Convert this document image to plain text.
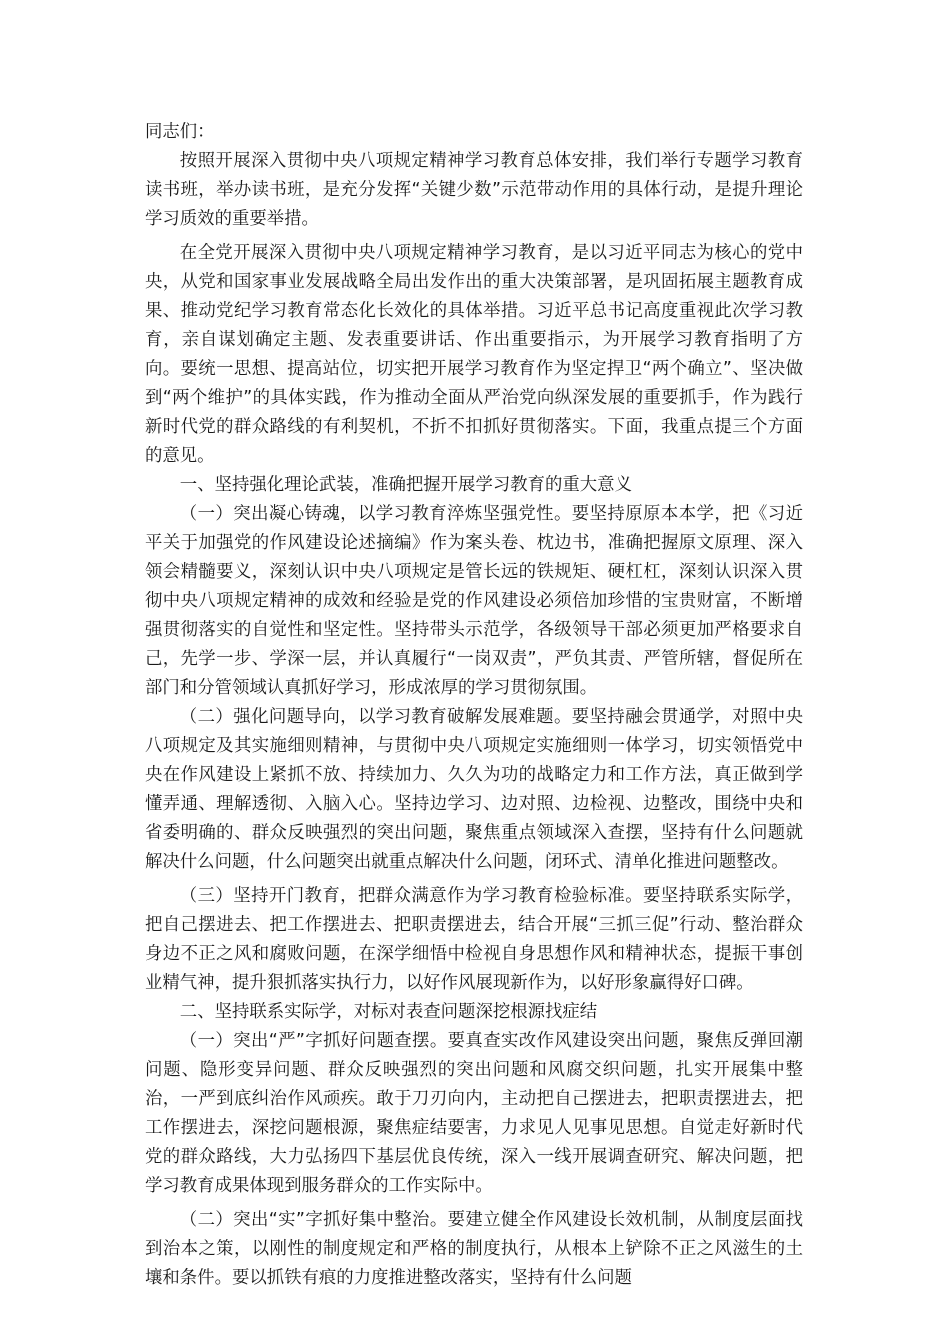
同志们：

按照开展深入贯彻中央八项规定精神学习教育总体安排，我们举行专题学习教育读书班，举办读书班，是充分发挥“关键少数”示范带动作用的具体行动，是提升理论学习质效的重要举措。

在全党开展深入贯彻中央八项规定精神学习教育，是以习近平同志为核心的党中央，从党和国家事业发展战略全局出发作出的重大决策部署，是巩固拓展主题教育成果、推动党纪学习教育常态化长效化的具体举措。习近平总书记高度重视此次学习教育，亲自谋划确定主题、发表重要讲话、作出重要指示，为开展学习教育指明了方向。要统一思想、提高站位，切实把开展学习教育作为坚定捍卫“两个确立”、坚决做到“两个维护”的具体实践，作为推动全面从严治党向纵深发展的重要抓手，作为践行新时代党的群众路线的有利契机，不折不扣抓好贯彻落实。下面，我重点提三个方面的意见。

一、坚持强化理论武装，准确把握开展学习教育的重大意义

（一）突出凝心铸魂，以学习教育淬炼坚强党性。要坚持原原本本学，把《习近平关于加强党的作风建设论述摘编》作为案头卷、枕边书，准确把握原文原理、深入领会精髓要义，深刻认识中央八项规定是管长远的铁规矩、硬杠杠，深刻认识深入贯彻中央八项规定精神的成效和经验是党的作风建设必须倍加珍惜的宝贵财富，不断增强贯彻落实的自觉性和坚定性。坚持带头示范学，各级领导干部必须更加严格要求自己，先学一步、学深一层，并认真履行“一岗双责”，严负其责、严管所辖，督促所在部门和分管领域认真抓好学习，形成浓厚的学习贯彻氛围。

（二）强化问题导向，以学习教育破解发展难题。要坚持融会贯通学，对照中央八项规定及其实施细则精神，与贯彻中央八项规定实施细则一体学习，切实领悟党中央在作风建设上紧抓不放、持续加力、久久为功的战略定力和工作方法，真正做到学懂弄通、理解透彻、入脑入心。坚持边学习、边对照、边检视、边整改，围绕中央和省委明确的、群众反映强烈的突出问题，聚焦重点领域深入查摆，坚持有什么问题就解决什么问题，什么问题突出就重点解决什么问题，闭环式、清单化推进问题整改。

（三）坚持开门教育，把群众满意作为学习教育检验标准。要坚持联系实际学，把自己摆进去、把工作摆进去、把职责摆进去，结合开展“三抓三促”行动、整治群众身边不正之风和腐败问题，在深学细悟中检视自身思想作风和精神状态，提振干事创业精气神，提升狠抓落实执行力，以好作风展现新作为，以好形象赢得好口碑。

二、坚持联系实际学，对标对表查问题深挖根源找症结

（一）突出“严”字抓好问题查摆。要真查实改作风建设突出问题，聚焦反弹回潮问题、隐形变异问题、群众反映强烈的突出问题和风腐交织问题，扎实开展集中整治，一严到底纠治作风顽疾。敢于刀刃向内，主动把自己摆进去，把职责摆进去，把工作摆进去，深挖问题根源，聚焦症结要害，力求见人见事见思想。自觉走好新时代党的群众路线，大力弘扬四下基层优良传统，深入一线开展调查研究、解决问题，把学习教育成果体现到服务群众的工作实际中。

（二）突出“实”字抓好集中整治。要建立健全作风建设长效机制，从制度层面找到治本之策，以刚性的制度规定和严格的制度执行，从根本上铲除不正之风滋生的土壤和条件。要以抓铁有痕的力度推进整改落实，坚持有什么问题
